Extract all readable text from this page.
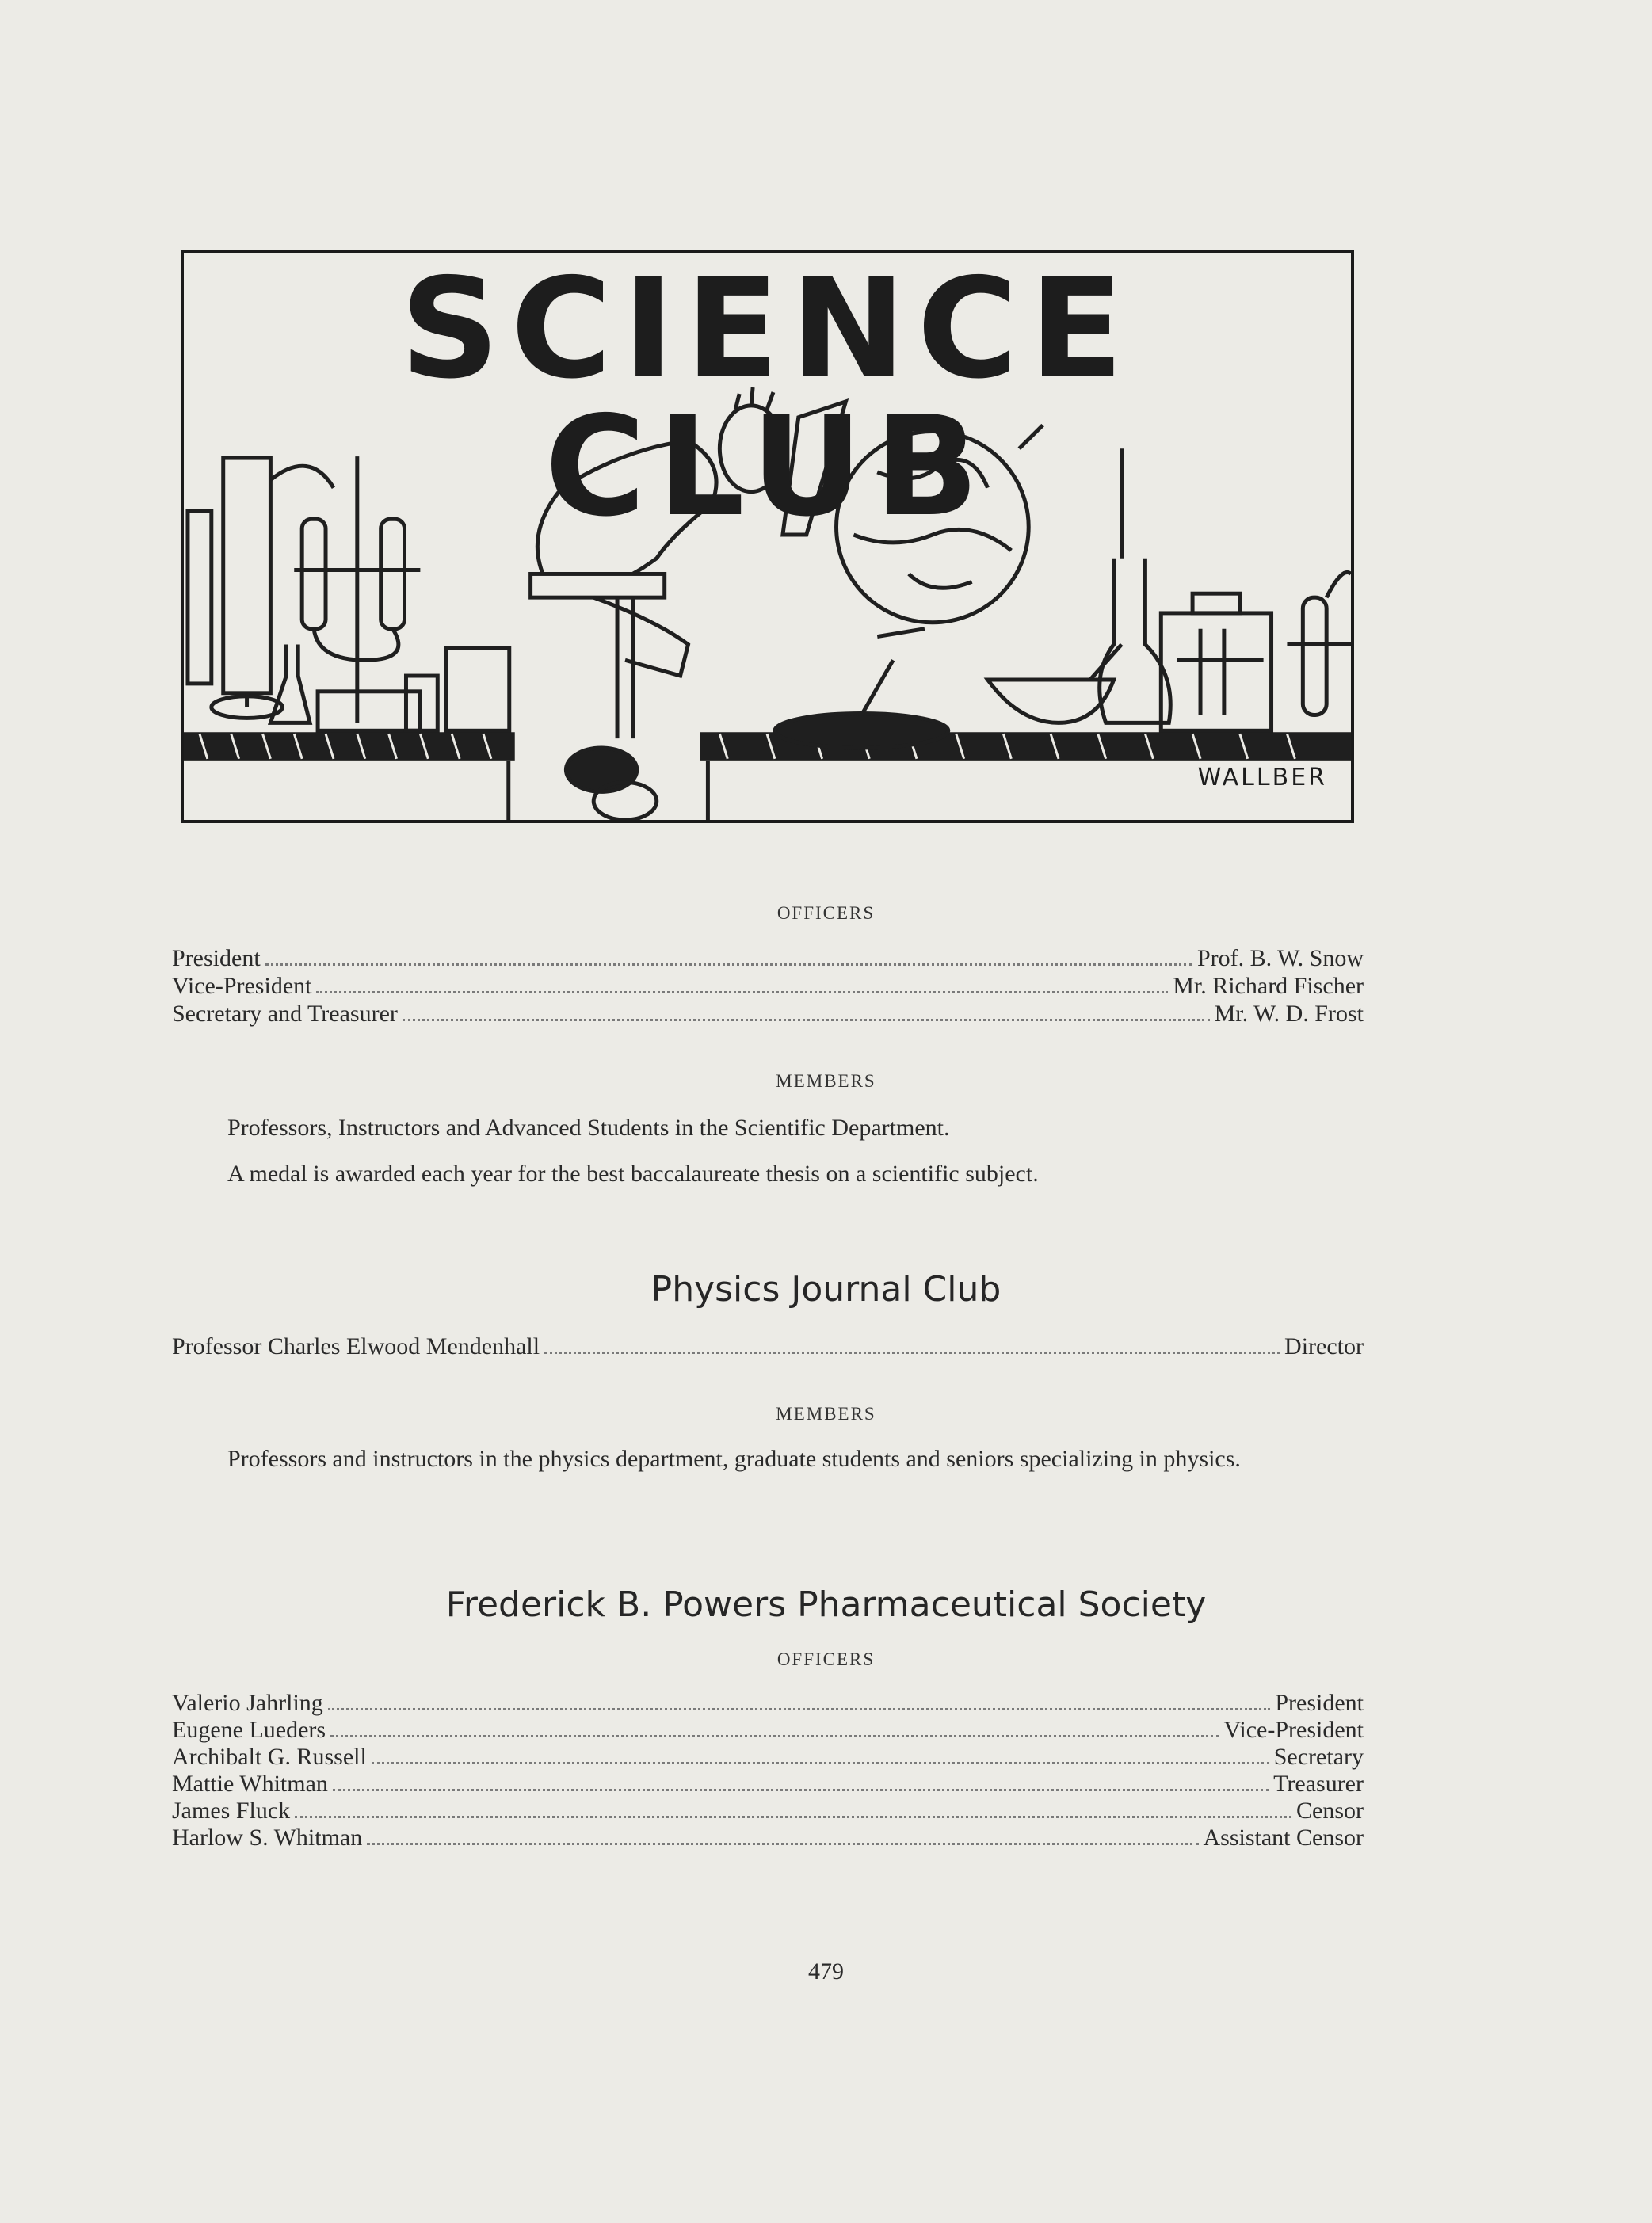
SCIENCE CLUB
WALLBER
OFFICERS
President	Prof. B. W. Snow
Vice-President	Mr. Richard Fischer
Secretary and Treasurer	Mr. W. D. Frost
MEMBERS
Professors, Instructors and Advanced Students in the Scientific Department.
A medal is awarded each year for the best baccalaureate thesis on a scientific subject.
Physics Journal Club
Professor Charles Elwood Mendenhall	Director
MEMBERS
Professors and instructors in the physics department, graduate students and seniors specializing in physics.
Frederick B. Powers Pharmaceutical Society
OFFICERS
Valerio Jahrling	President
Eugene Lueders	Vice-President
Archibalt G. Russell	Secretary
Mattie Whitman	Treasurer
James Fluck	Censor
Harlow S. Whitman	Assistant Censor
479
